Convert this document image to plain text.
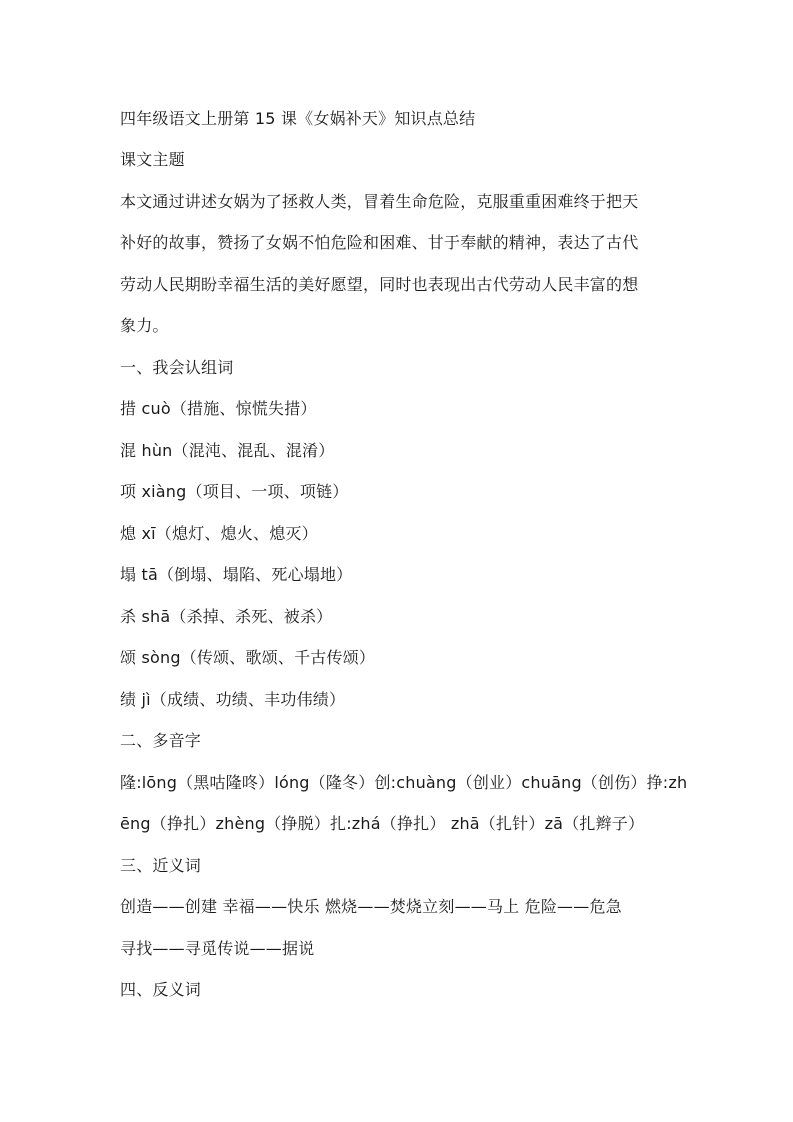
四年级语文上册第 15 课《女娲补天》知识点总结
课文主题
本文通过讲述女娲为了拯救人类，冒着生命危险，克服重重困难终于把天
补好的故事，赞扬了女娲不怕危险和困难、甘于奉献的精神，表达了古代
劳动人民期盼幸福生活的美好愿望，同时也表现出古代劳动人民丰富的想
象力。
一、我会认组词
措 cuò（措施、惊慌失措）
混 hùn（混沌、混乱、混淆）
项 xiàng（项目、一项、项链）
熄 xī（熄灯、熄火、熄灭）
塌 tā（倒塌、塌陷、死心塌地）
杀 shā（杀掉、杀死、被杀）
颂 sòng（传颂、歌颂、千古传颂）
绩 jì（成绩、功绩、丰功伟绩）
二、多音字
隆:lōng（黑咕隆咚）lóng（隆冬）创:chuàng（创业）chuāng（创伤）挣:zh
ēng（挣扎）zhèng（挣脱）扎:zhá（挣扎） zhā（扎针）zā（扎辫子）
三、近义词
创造——创建 幸福——快乐 燃烧——焚烧立刻——马上 危险——危急
寻找——寻觅传说——据说
四、反义词
